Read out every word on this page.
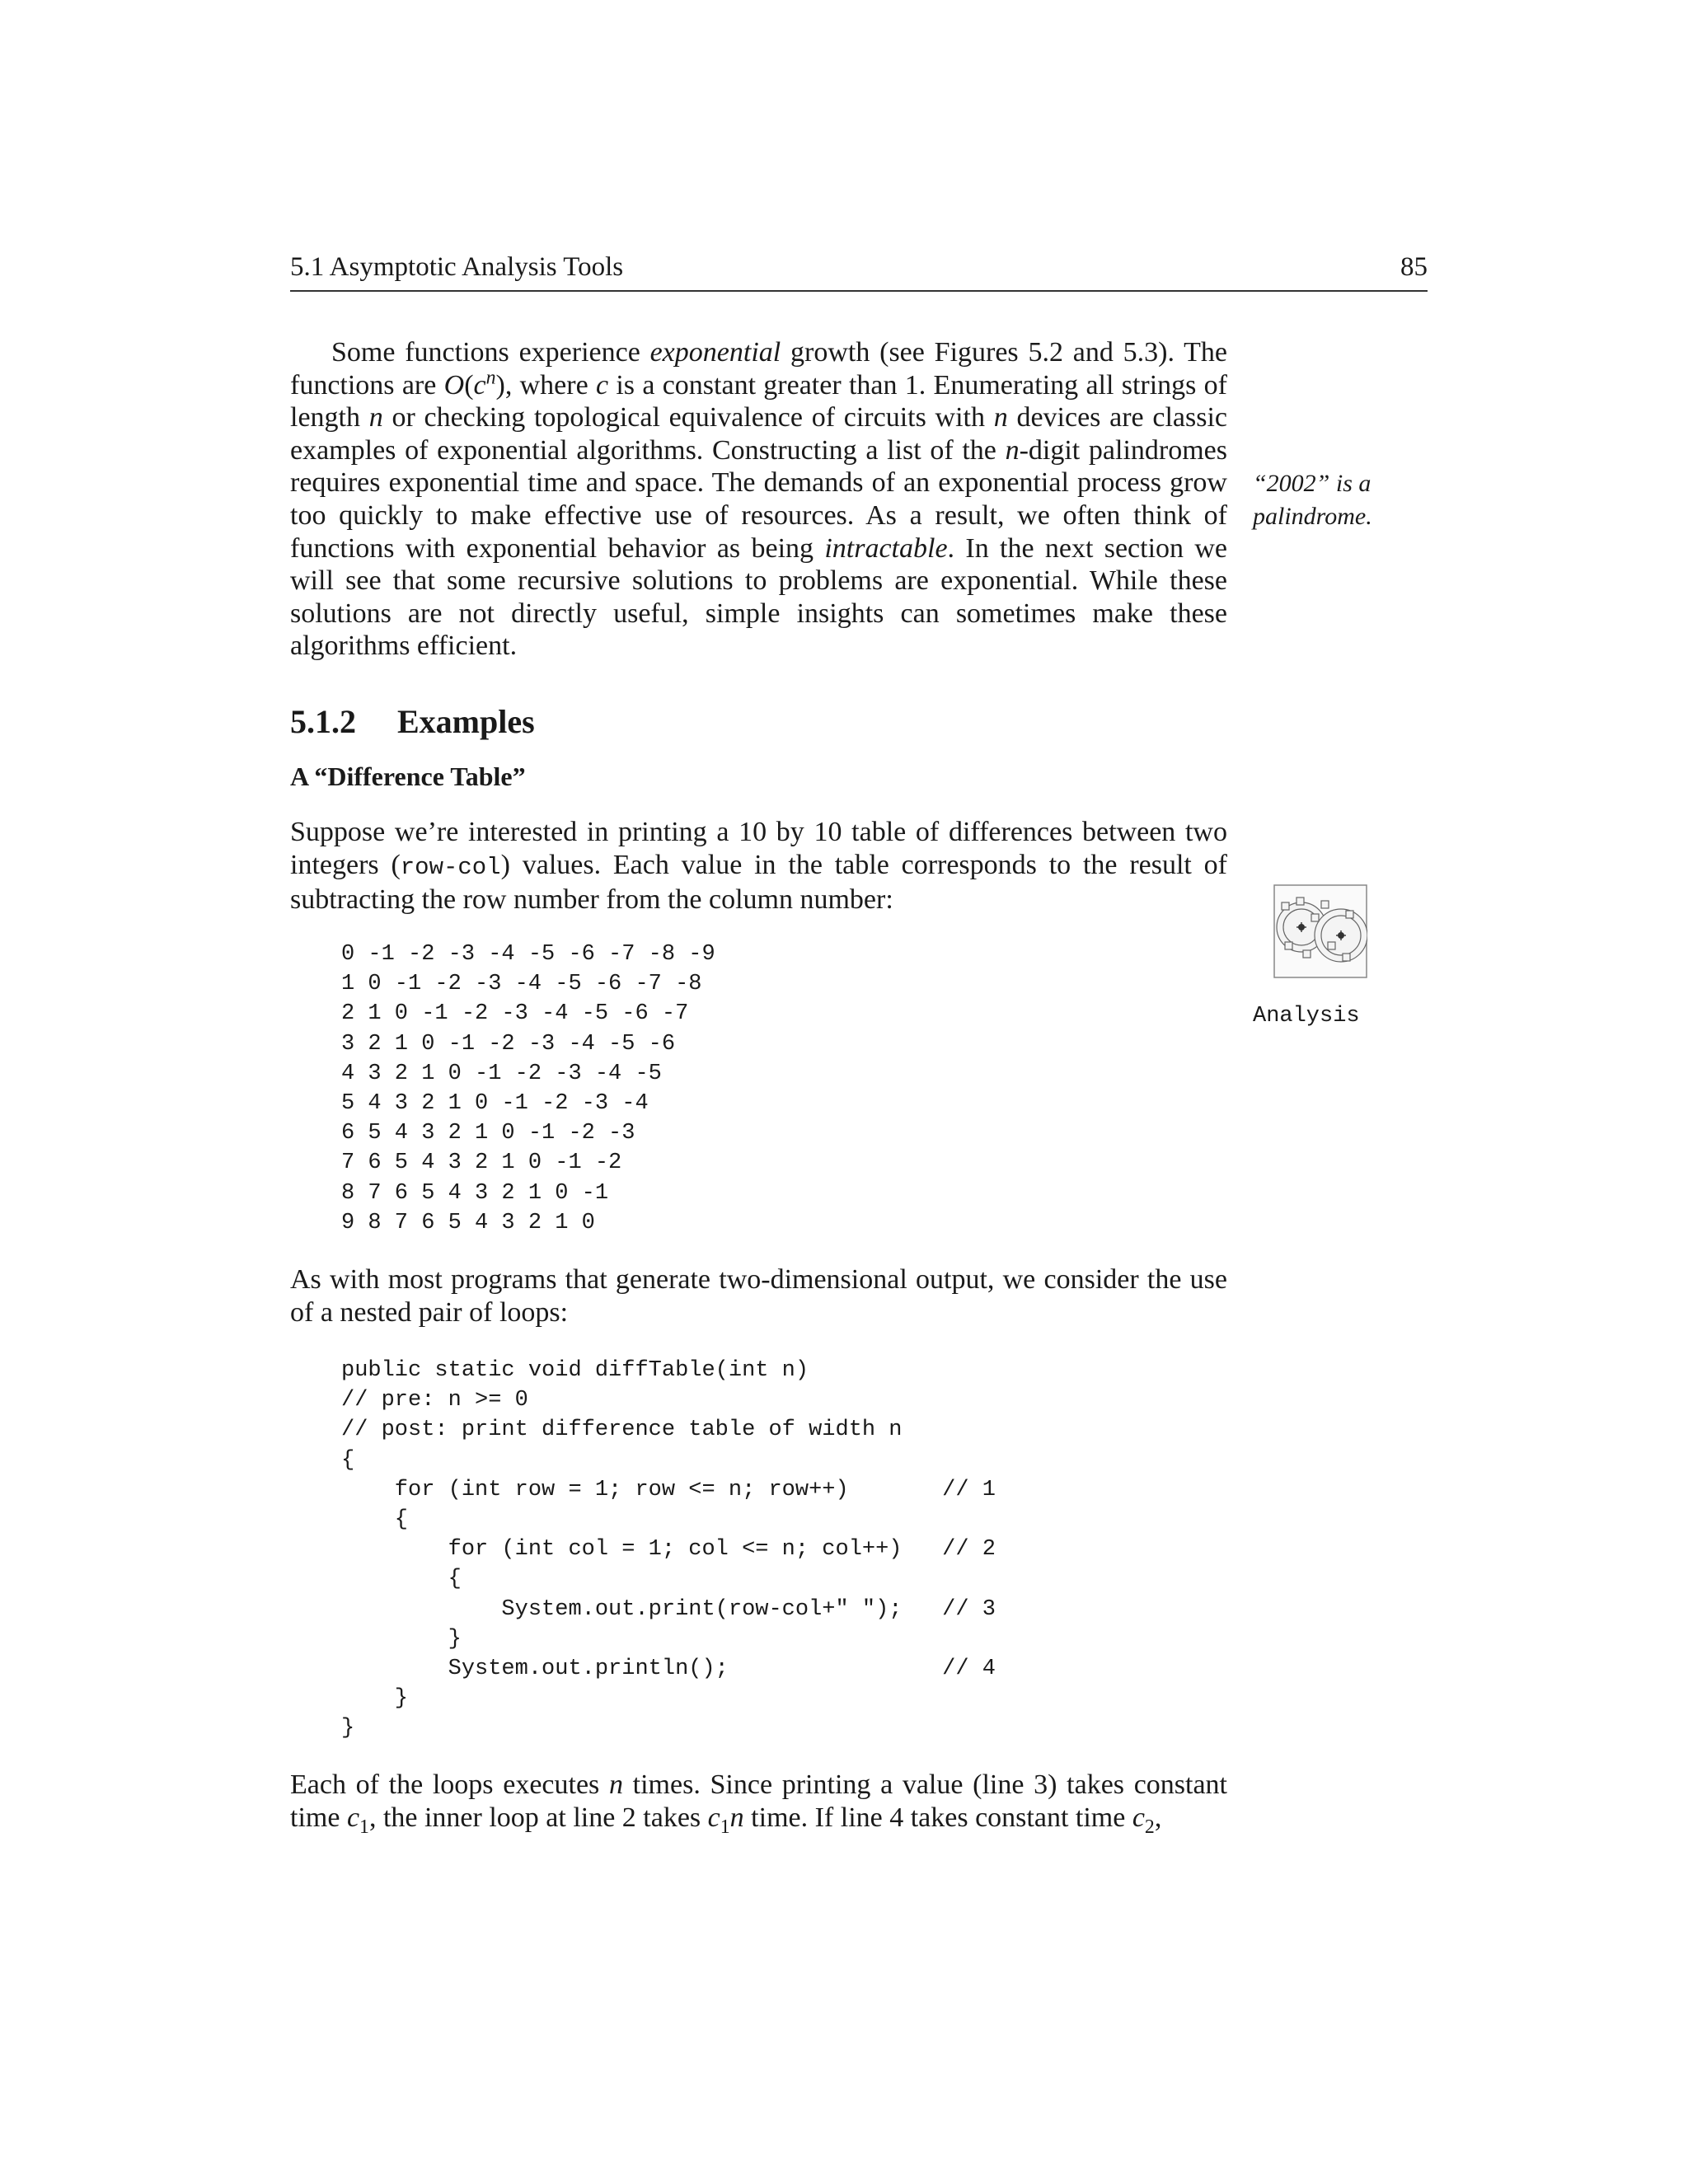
5.1 Asymptotic Analysis Tools	85

Some functions experience exponential growth (see Figures 5.2 and 5.3). The functions are $O(c^n)$, where c is a constant greater than 1. Enumerating all strings of length n or checking topological equivalence of circuits with n devices are classic examples of exponential algorithms. Constructing a list of the n-digit palindromes requires exponential time and space. The demands of an exponential process grow too quickly to make effective use of resources. As a result, we often think of functions with exponential behavior as being intractable. In the next section we will see that some recursive solutions to problems are exponential. While these solutions are not directly useful, simple insights can sometimes make these algorithms efficient.

“2002” is a
palindrome.
5.1.2 Examples
A “Difference Table”

Suppose we’re interested in printing a 10 by 10 table of differences between two integers (row-col) values. Each value in the table corresponds to the result of subtracting the row number from the column number:

Analysis
0 -1 -2 -3 -4 -5 -6 -7 -8 -9
1 0 -1 -2 -3 -4 -5 -6 -7 -8
2 1 0 -1 -2 -3 -4 -5 -6 -7
3 2 1 0 -1 -2 -3 -4 -5 -6
4 3 2 1 0 -1 -2 -3 -4 -5
5 4 3 2 1 0 -1 -2 -3 -4
6 5 4 3 2 1 0 -1 -2 -3
7 6 5 4 3 2 1 0 -1 -2
8 7 6 5 4 3 2 1 0 -1
9 8 7 6 5 4 3 2 1 0

As with most programs that generate two-dimensional output, we consider the use of a nested pair of loops:

public static void diffTable(int n)
// pre: n >= 0
// post: print difference table of width n
{
for (int row = 1; row <= n; row++)       // 1
{
for (int col = 1; col <= n; col++)   // 2
{
System.out.print(row-col+" ");   // 3
}
System.out.println();                // 4
}
}

Each of the loops executes n times. Since printing a value (line 3) takes constant time $c_1$, the inner loop at line 2 takes $c_1n$ time. If line 4 takes constant time $c_2$,
